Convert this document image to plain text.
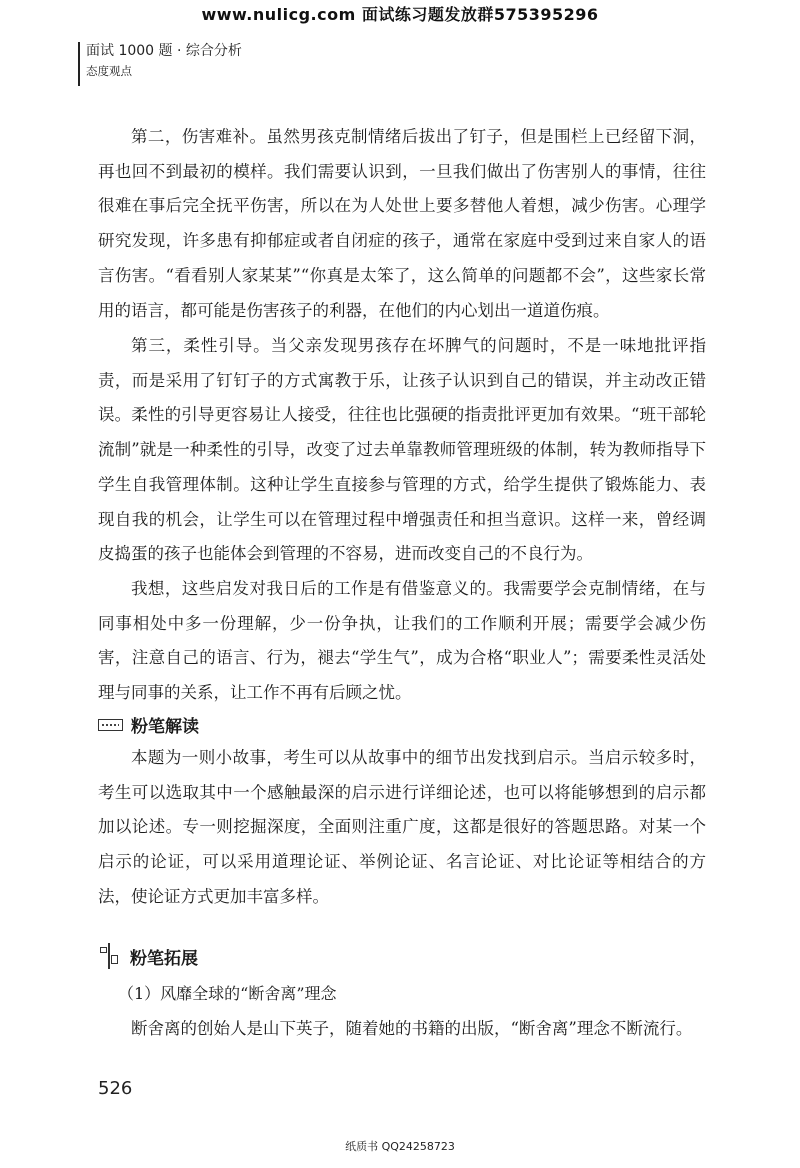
www.nulicg.com 面试练习题发放群575395296
面试 1000 题 · 综合分析
态度观点

第二，伤害难补。虽然男孩克制情绪后拔出了钉子，但是围栏上已经留下洞，再也回不到最初的模样。我们需要认识到，一旦我们做出了伤害别人的事情，往往很难在事后完全抚平伤害，所以在为人处世上要多替他人着想，减少伤害。心理学研究发现，许多患有抑郁症或者自闭症的孩子，通常在家庭中受到过来自家人的语言伤害。“看看别人家某某”“你真是太笨了，这么简单的问题都不会”，这些家长常用的语言，都可能是伤害孩子的利器，在他们的内心划出一道道伤痕。

第三，柔性引导。当父亲发现男孩存在坏脾气的问题时，不是一味地批评指责，而是采用了钉钉子的方式寓教于乐，让孩子认识到自己的错误，并主动改正错误。柔性的引导更容易让人接受，往往也比强硬的指责批评更加有效果。“班干部轮流制”就是一种柔性的引导，改变了过去单靠教师管理班级的体制，转为教师指导下学生自我管理体制。这种让学生直接参与管理的方式，给学生提供了锻炼能力、表现自我的机会，让学生可以在管理过程中增强责任和担当意识。这样一来，曾经调皮捣蛋的孩子也能体会到管理的不容易，进而改变自己的不良行为。

我想，这些启发对我日后的工作是有借鉴意义的。我需要学会克制情绪，在与同事相处中多一份理解，少一份争执，让我们的工作顺利开展；需要学会减少伤害，注意自己的语言、行为，褪去“学生气”，成为合格“职业人”；需要柔性灵活处理与同事的关系，让工作不再有后顾之忧。

粉笔解读

本题为一则小故事，考生可以从故事中的细节出发找到启示。当启示较多时，考生可以选取其中一个感触最深的启示进行详细论述，也可以将能够想到的启示都加以论述。专一则挖掘深度，全面则注重广度，这都是很好的答题思路。对某一个启示的论证，可以采用道理论证、举例论证、名言论证、对比论证等相结合的方法，使论证方式更加丰富多样。

粉笔拓展
（1）风靡全球的“断舍离”理念

断舍离的创始人是山下英子，随着她的书籍的出版，“断舍离”理念不断流行。

526
纸质书 QQ24258723
